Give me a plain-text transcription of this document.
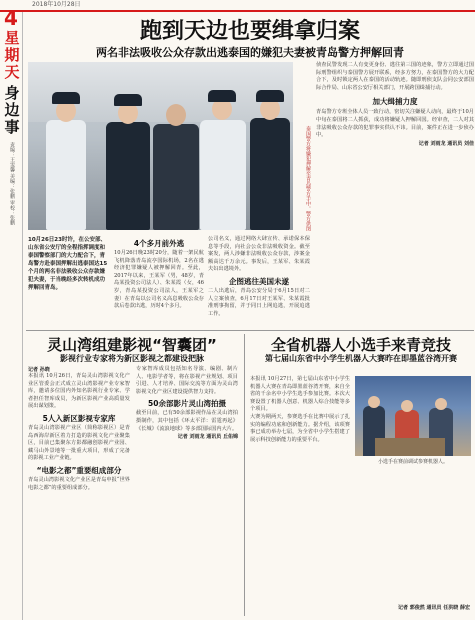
2018年10月28日
4
星
期
天
身
边
事
责编：王雯馨 美编：张鹏 审校：张鹏
跑到天边也要缉拿归案
两名非法吸收公众存款出逃泰国的嫌犯夫妻被青岛警方押解回青
泰国警方将嫌犯押解至青岛警方手中。警方供图

侦查民警发现二人有变更身份、逃往第三国的迹象，警方立即通过国际刑警组织与泰国警方展开联系，经多方努力，在泰国警方的大力配合下，及时锁定两人在泰国的活动轨迹。随即刑侦支队会同公安部国际合作局、山东省公安厅相关部门，开展跨国缉捕行动。

加大缉捕力度

青岛警方专班全体人员一致行动，密切关注嫌疑人动向，最终于10月中旬在泰国将二人抓获，成功将嫌疑人押解回国。经审查，二人对其非法吸收公众存款的犯罪事实供认不讳。目前，案件正在进一步侦办中。

记者 刘雨龙 通讯员 刘佳
10月26日23时许，在公安部、山东省公安厅的全程指挥调度和泰国警察部门的大力配合下，青岛警方赴泰国押解出逃泰国达15个月的两名非法吸收公众存款嫌犯夫妻，于当晚经多次转机成功押解回青岛。
4个多月前外逃

10月26日晚23时20分，随着一架民航飞机降落青岛流亭国际机场，2名在逃经济犯罪嫌疑人被押解回青。至此，2017年以来，王某军（男，48岁，青岛某投资公司法人）、朱某霞（女，46岁，青岛某投资公司法人，王某军之妻）在青岛以公司名义高息吸收公众存款后卷款出逃，历时4个多月。

公司名义，通过网络大肆宣传、承诺保本保息等手段，向社会公众非法吸收资金。截至案发，两人涉嫌非法吸收公众存款，涉案金额高达千万余元。事发后，王某军、朱某霞夫妇出逃境外。

企图逃往美国未遂

二人出逃后，青岛公安分局于6月15日对二人立案侦查，6月17日对王某军、朱某霞批准刑事拘留，并于同日上网追逃，开展追逃工作。

灵山湾组建影视“智囊团”
影视行业专家将为新区影视之都建设把脉
记者 孙晓

本报讯 10月26日，青岛灵山湾影视文化产业区管委会正式成立灵山湾影视产业专家智库，邀请多位国内外知名影视行业专家、学者担任智库成员，为新区影视产业高质量发展出谋划策。

5人入新区影视专家库

青岛灵山湾影视产业区（简称影视区）是青岛西海岸新区着力打造的影视文化产业聚集区，目前已集聚东方影都融创影视产业园、藏马山外景地等一批重大项目，形成了完备的影视工业产业链。

“电影之都”重要组成部分

青岛灵山湾影视文化产业区是青岛申报“世界电影之都”的重要组成部分。

专家智库成员包括知名导演、编剧、制片人、电影学者等，将在影视产业规划、项目引进、人才培养、国际交流等方面为灵山湾影视文化产业区建设提供智力支持。

50余部影片灵山湾拍摄

截至目前，已有50余部影视作品在灵山湾拍摄制作，其中包括《环太平洋：雷霆再起》《长城》《流浪地球》等多部国际国内大片。

记者 刘雨龙 通讯员 丘佑锦
全省机器人小选手来青竞技
第七届山东省中小学生机器人大赛昨在即墨蓝谷湾开赛
小选手在赛前调试参赛机器人。

本报讯 10月27日，第七届山东省中小学生机器人大赛在青岛即墨蓝谷湾开赛，来自全省的千余名中小学生选手参加比赛。本次大赛设置了机器人创意、机器人综合技能等多个项目。

大赛为期两天，参赛选手在比赛中展示了扎实的编程功底和创新能力。据介绍，该项赛事已成功举办七届，为全省中小学生搭建了展示科技创新能力的重要平台。

记者 郭俊然 通讯员 任洪晓 薛宏
